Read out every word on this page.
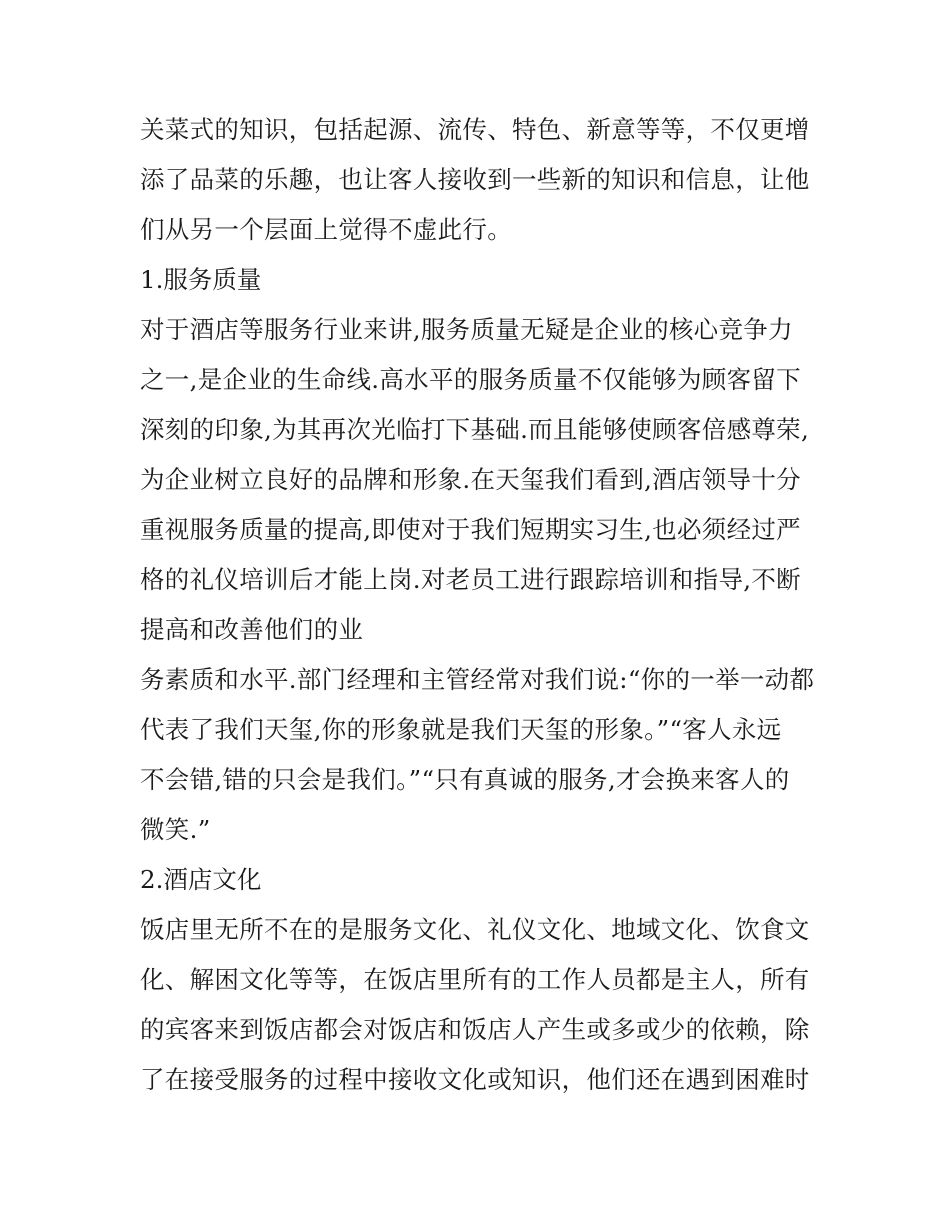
关菜式的知识，包括起源、流传、特色、新意等等，不仅更增

添了品菜的乐趣，也让客人接收到一些新的知识和信息，让他

们从另一个层面上觉得不虚此行。

1.服务质量

对于酒店等服务行业来讲,服务质量无疑是企业的核心竞争力

之一,是企业的生命线.高水平的服务质量不仅能够为顾客留下

深刻的印象,为其再次光临打下基础.而且能够使顾客倍感尊荣,

为企业树立良好的品牌和形象.在天玺我们看到,酒店领导十分

重视服务质量的提高,即使对于我们短期实习生,也必须经过严

格的礼仪培训后才能上岗.对老员工进行跟踪培训和指导,不断

提高和改善他们的业

务素质和水平.部门经理和主管经常对我们说:“你的一举一动都

代表了我们天玺,你的形象就是我们天玺的形象。”“客人永远

不会错,错的只会是我们。”“只有真诚的服务,才会换来客人的

微笑.”

2.酒店文化

饭店里无所不在的是服务文化、礼仪文化、地域文化、饮食文

化、解困文化等等，在饭店里所有的工作人员都是主人，所有

的宾客来到饭店都会对饭店和饭店人产生或多或少的依赖，除

了在接受服务的过程中接收文化或知识，他们还在遇到困难时
